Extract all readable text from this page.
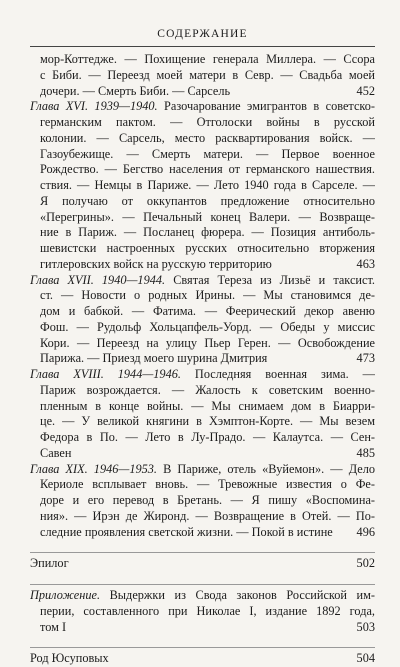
СОДЕРЖАНИЕ
мор-Коттедже. — Похищение генерала Миллера. — Ссора
с Биби. — Переезд моей матери в Севр. — Свадьба моей
дочери. — Смерть Биби. — Сарсель	452
Глава XVI. 1939—1940. Разочарование эмигрантов в советско-
германским пактом. — Отголоски войны в русской
колонии. — Сарсель, место расквартирования войск. —
Газоубежище. — Смерть матери. — Первое военное
Рождество. — Бегство населения от германского нашествия.
ствия. — Немцы в Париже. — Лето 1940 года в Сарселе. —
Я получаю от оккупантов предложение относительно
«Перегрины». — Печальный конец Валери. — Возвраще-
ние в Париж. — Посланец фюрера. — Позиция антиболь-
шевистски настроенных русских относительно вторжения
гитлеровских войск на русскую территорию	463
Глава XVII. 1940—1944. Святая Тереза из Лизьё и таксист.
ст. — Новости о родных Ирины. — Мы становимся де-
дом и бабкой. — Фатима. — Феерический декор авеню
Фош. — Рудольф Хольцапфель-Уорд. — Обеды у миссис
Кори. — Переезд на улицу Пьер Герен. — Освобождение
Парижа. — Приезд моего шурина Дмитрия	473
Глава XVIII. 1944—1946. Последняя военная зима. —
Париж возрождается. — Жалость к советским военно-
пленным в конце войны. — Мы снимаем дом в Биарри-
це. — У великой княгини в Хэмптон-Корте. — Мы везем
Федора в По. — Лето в Лу-Прадо. — Калаутса. — Сен-
Савен	485
Глава XIX. 1946—1953. В Париже, отель «Вуйемон». — Дело
Кериоле всплывает вновь. — Тревожные известия о Фе-
доре и его перевод в Бретань. — Я пишу «Воспомина-
ния». — Ирэн де Жиронд. — Возвращение в Отей. — По-
следние проявления светской жизни. — Покой в истине	496
Эпилог	502
Приложение. Выдержки из Свода законов Российской им-
перии, составленного при Николае I, издание 1892 года,
том I	503
Род Юсуповых	504
